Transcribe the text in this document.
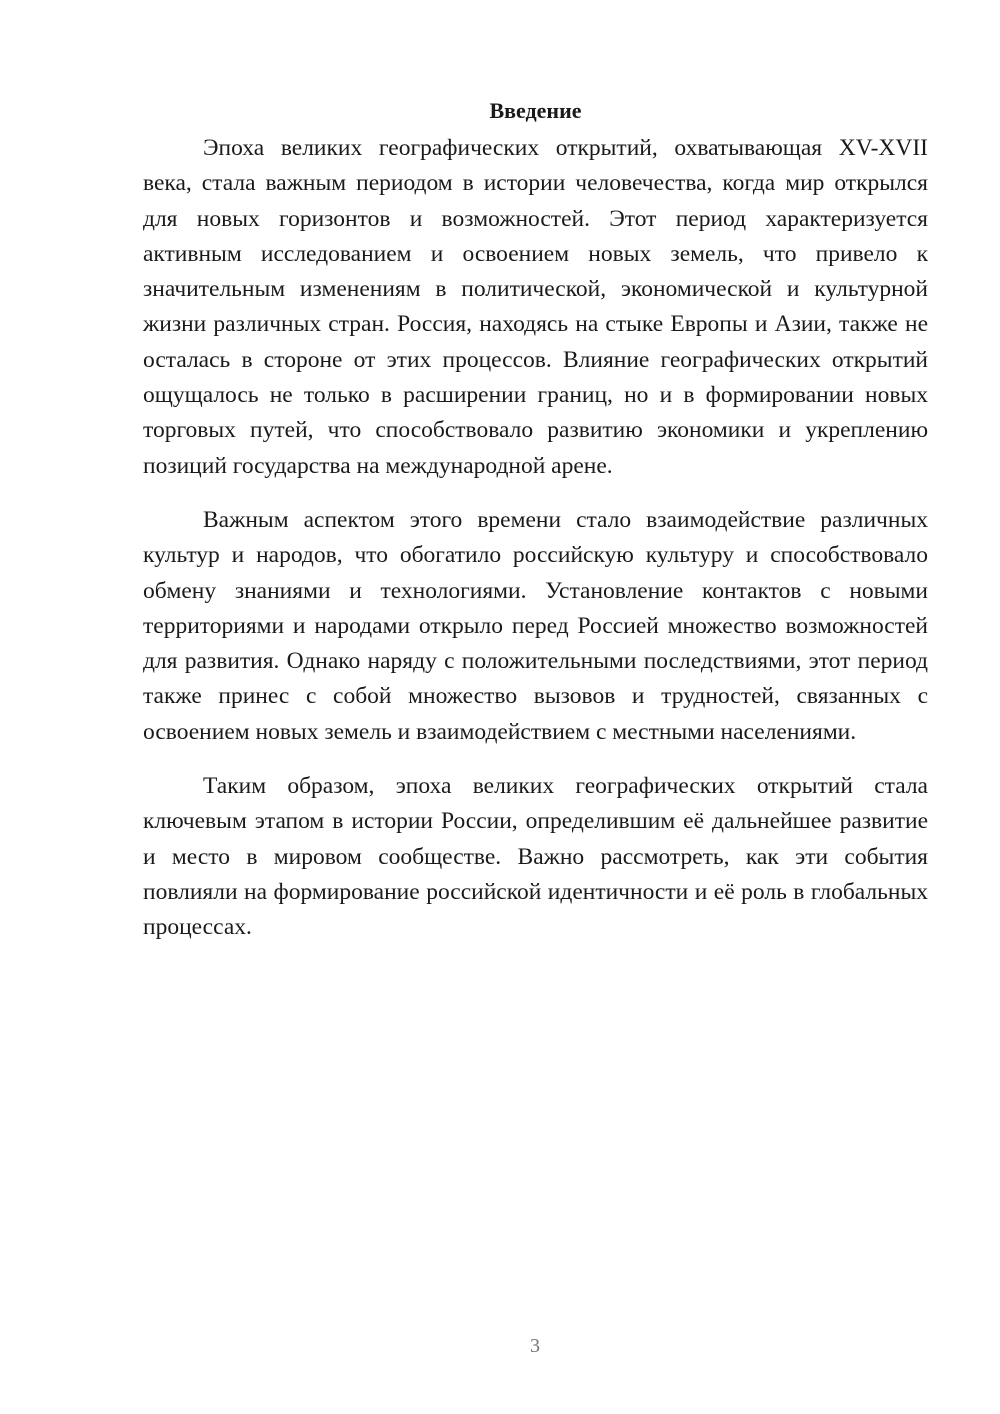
Введение

Эпоха великих географических открытий, охватывающая XV-XVII века, стала важным периодом в истории человечества, когда мир открылся для новых горизонтов и возможностей. Этот период характеризуется активным исследованием и освоением новых земель, что привело к значительным изменениям в политической, экономической и культурной жизни различных стран. Россия, находясь на стыке Европы и Азии, также не осталась в стороне от этих процессов. Влияние географических открытий ощущалось не только в расширении границ, но и в формировании новых торговых путей, что способствовало развитию экономики и укреплению позиций государства на международной арене.

Важным аспектом этого времени стало взаимодействие различных культур и народов, что обогатило российскую культуру и способствовало обмену знаниями и технологиями. Установление контактов с новыми территориями и народами открыло перед Россией множество возможностей для развития. Однако наряду с положительными последствиями, этот период также принес с собой множество вызовов и трудностей, связанных с освоением новых земель и взаимодействием с местными населениями.

Таким образом, эпоха великих географических открытий стала ключевым этапом в истории России, определившим её дальнейшее развитие и место в мировом сообществе. Важно рассмотреть, как эти события повлияли на формирование российской идентичности и её роль в глобальных процессах.

3
